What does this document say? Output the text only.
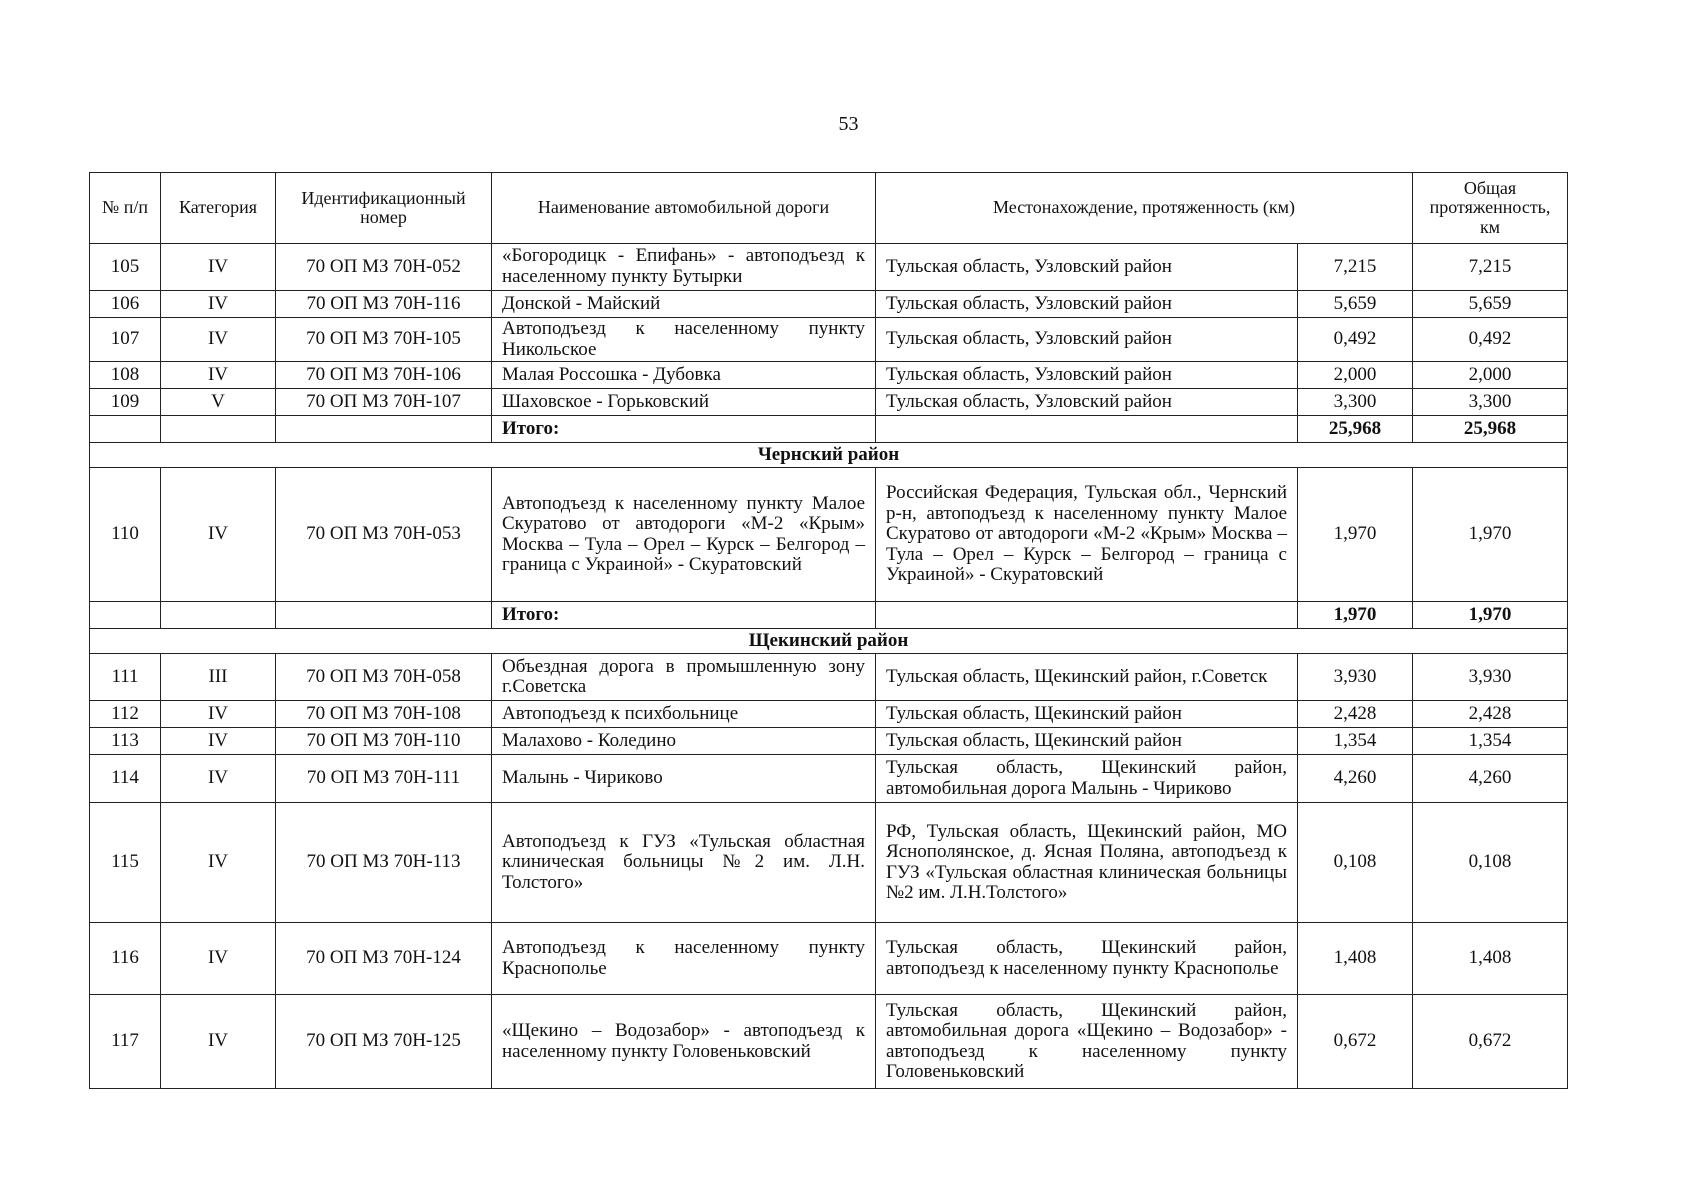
53
№ п/п	Категория	Идентификационный номер	Наименование автомобильной дороги	Местонахождение, протяженность (км)		Общая протяженность, км
105	IV	70 ОП МЗ 70Н-052	«Богородицк - Епифань» - автоподъезд к населенному пункту Бутырки	Тульская область, Узловский район	7,215	7,215
106	IV	70 ОП МЗ 70Н-116	Донской - Майский	Тульская область, Узловский район	5,659	5,659
107	IV	70 ОП МЗ 70Н-105	Автоподъезд к населенному пункту Никольское	Тульская область, Узловский район	0,492	0,492
108	IV	70 ОП МЗ 70Н-106	Малая Россошка - Дубовка	Тульская область, Узловский район	2,000	2,000
109	V	70 ОП МЗ 70Н-107	Шаховское - Горьковский	Тульская область, Узловский район	3,300	3,300
			Итого:		25,968	25,968
Чернский район						
110	IV	70 ОП МЗ 70Н-053	Автоподъезд к населенному пункту Малое Скуратово от автодороги «М-2 «Крым» Москва – Тула – Орел – Курск – Белгород – граница с Украиной» - Скуратовский	Российская Федерация, Тульская обл., Чернский р-н, автоподъезд к населенному пункту Малое Скуратово от автодороги «М-2 «Крым» Москва – Тула – Орел – Курск – Белгород – граница с Украиной» - Скуратовский	1,970	1,970
			Итого:		1,970	1,970
Щекинский район						
111	III	70 ОП МЗ 70Н-058	Объездная дорога в промышленную зону г.Советска	Тульская область, Щекинский район, г.Советск	3,930	3,930
112	IV	70 ОП МЗ 70Н-108	Автоподъезд к психбольнице	Тульская область, Щекинский район	2,428	2,428
113	IV	70 ОП МЗ 70Н-110	Малахово - Коледино	Тульская область, Щекинский район	1,354	1,354
114	IV	70 ОП МЗ 70Н-111	Малынь - Чириково	Тульская область, Щекинский район, автомобильная дорога Малынь - Чириково	4,260	4,260
115	IV	70 ОП МЗ 70Н-113	Автоподъезд к ГУЗ «Тульская областная клиническая больницы №2 им. Л.Н. Толстого»	РФ, Тульская область, Щекинский район, МО Яснополянское, д. Ясная Поляна, автоподъезд к ГУЗ «Тульская областная клиническая больницы №2 им. Л.Н.Толстого»	0,108	0,108
116	IV	70 ОП МЗ 70Н-124	Автоподъезд к населенному пункту Краснополье	Тульская область, Щекинский район, автоподъезд к населенному пункту Краснополье	1,408	1,408
117	IV	70 ОП МЗ 70Н-125	«Щекино – Водозабор» - автоподъезд к населенному пункту Головеньковский	Тульская область, Щекинский район, автомобильная дорога «Щекино – Водозабор» - автоподъезд к населенному пункту Головеньковский	0,672	0,672
